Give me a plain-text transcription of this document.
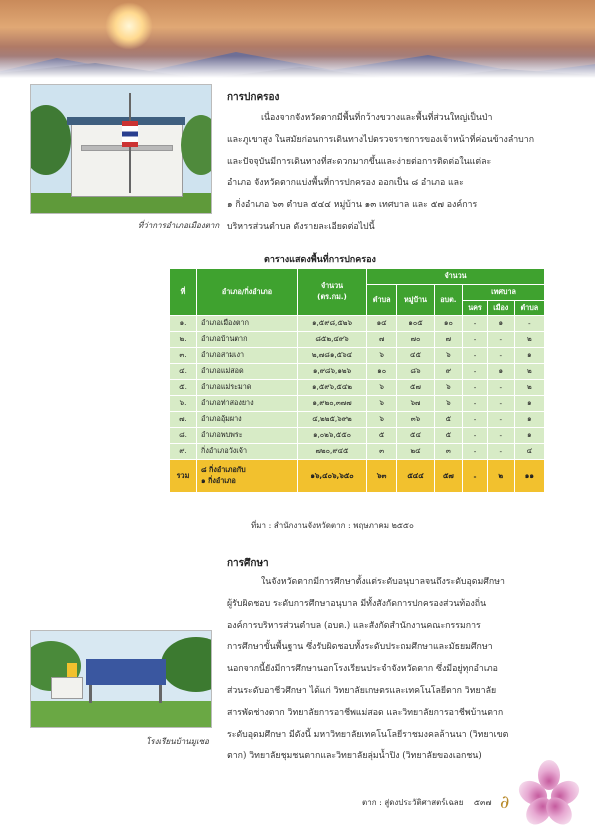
ที่ว่าการอำเภอเมืองตาก
การปกครอง
เนื่องจากจังหวัดตากมีพื้นที่กว้างขวางและพื้นที่ส่วนใหญ่เป็นป่า
และภูเขาสูง ในสมัยก่อนการเดินทางไปตรวจราชการของเจ้าหน้าที่ค่อนข้างลำบาก
และปัจจุบันมีการเดินทางที่สะดวกมากขึ้นและง่ายต่อการติดต่อในแต่ละ
อำเภอ จังหวัดตากแบ่งพื้นที่การปกครอง ออกเป็น ๘ อำเภอ และ
๑ กิ่งอำเภอ ๖๓ ตำบล ๕๔๔ หมู่บ้าน ๑๓ เทศบาล และ ๕๗ องค์การ
บริหารส่วนตำบล ดังรายละเอียดต่อไปนี้
ตารางแสดงพื้นที่การปกครอง
ที่	อำเภอ/กิ่งอำเภอ	จำนวน
(ตร.กม.)	จำนวน					
			ตำบล	หมู่บ้าน	อบต.	เทศบาล		
						นคร	เมือง	ตำบล
๑.	อำเภอเมืองตาก	๑,๕๙๘,๕๒๖	๑๔	๑๐๕	๑๐	-	๑	-
๒.	อำเภอบ้านตาก	๘๕๒,๔๙๖	๗	๗๐	๗	-	-	๒
๓.	อำเภอสามเงา	๒,๗๘๑,๕๖๔	๖	๔๕	๖	-	-	๑
๔.	อำเภอแม่สอด	๑,๙๘๖,๑๒๖	๑๐	๘๖	๙	-	๑	๒
๕.	อำเภอแม่ระมาด	๑,๕๙๖,๕๔๒	๖	๕๗	๖	-	-	๒
๖.	อำเภอท่าสองยาง	๑,๙๒๐,๓๗๗	๖	๖๗	๖	-	-	๑
๗.	อำเภออุ้มผาง	๔,๒๒๕,๖๙๒	๖	๓๖	๕	-	-	๑
๘.	อำเภอพบพระ	๑,๐๒๖,๕๕๐	๕	๕๔	๕	-	-	๑
๙.	กิ่งอำเภอวังเจ้า	๗๒๐,๙๔๕	๓	๒๔	๓	-	-	๔
รวม	๘ กิ่งอำเภอกับ
๑ กิ่งอำเภอ	๑๖,๔๐๖,๖๕๐	๖๓	๕๔๔	๕๗	-	๒	๑๑
ที่มา : สำนักงานจังหวัดตาก : พฤษภาคม ๒๕๕๐
การศึกษา
ในจังหวัดตากมีการศึกษาตั้งแต่ระดับอนุบาลจนถึงระดับอุดมศึกษา
ผู้รับผิดชอบ ระดับการศึกษาอนุบาล มีทั้งสังกัดการปกครองส่วนท้องถิ่น
องค์การบริหารส่วนตำบล (อบต.) และสังกัดสำนักงานคณะกรรมการ
การศึกษาขั้นพื้นฐาน ซึ่งรับผิดชอบทั้งระดับประถมศึกษาและมัธยมศึกษา
นอกจากนี้ยังมีการศึกษานอกโรงเรียนประจำจังหวัดตาก ซึ่งมีอยู่ทุกอำเภอ
ส่วนระดับอาชีวศึกษา ได้แก่ วิทยาลัยเกษตรและเทคโนโลยีตาก วิทยาลัย
สารพัดช่างตาก วิทยาลัยการอาชีพแม่สอด และวิทยาลัยการอาชีพบ้านตาก
ระดับอุดมศึกษา มีดังนี้ มหาวิทยาลัยเทคโนโลยีราชมงคลล้านนา (วิทยาเขต
ตาก) วิทยาลัยชุมชนตากและวิทยาลัยลุ่มน้ำปิง (วิทยาลัยของเอกชน)
โรงเรียนบ้านมูเซอ
∂
ตาก : สู่ดงประวัติศาสตร์เฉลย ๕๓๗
